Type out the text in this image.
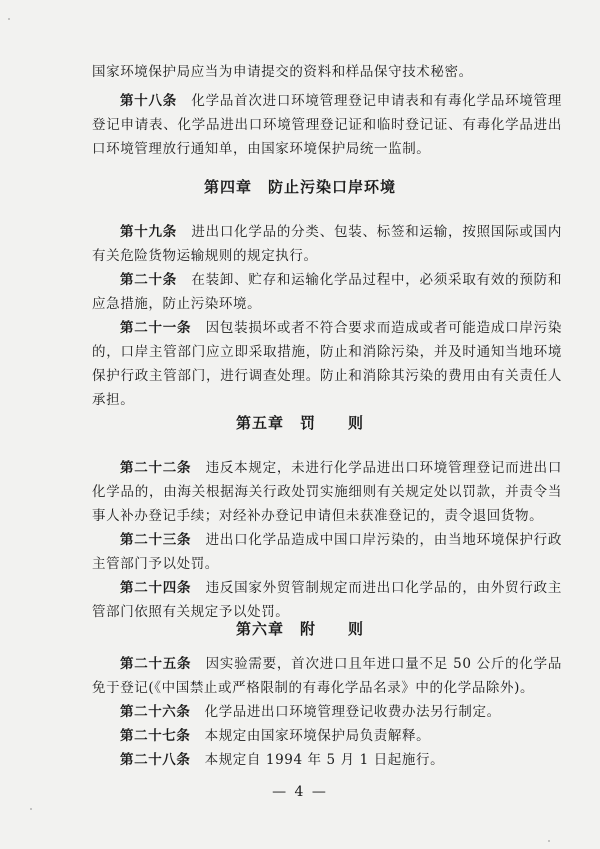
国家环境保护局应当为申请提交的资料和样品保守技术秘密。

第十八条　 化学品首次进口环境管理登记申请表和有毒化学品环境管理登记申请表、化学品进出口环境管理登记证和临时登记证、有毒化学品进出口环境管理放行通知单，由国家环境保护局统一监制。

第四章　防止污染口岸环境

第十九条　 进出口化学品的分类、包装、标签和运输，按照国际或国内有关危险货物运输规则的规定执行。

第二十条　 在装卸、贮存和运输化学品过程中，必须采取有效的预防和应急措施，防止污染环境。

第二十一条　 因包装损坏或者不符合要求而造成或者可能造成口岸污染的，口岸主管部门应立即采取措施，防止和消除污染，并及时通知当地环境保护行政主管部门，进行调查处理。防止和消除其污染的费用由有关责任人承担。

第五章　罚　　则

第二十二条　 违反本规定，未进行化学品进出口环境管理登记而进出口化学品的，由海关根据海关行政处罚实施细则有关规定处以罚款，并责令当事人补办登记手续；对经补办登记申请但未获准登记的，责令退回货物。

第二十三条　 进出口化学品造成中国口岸污染的，由当地环境保护行政主管部门予以处罚。

第二十四条　 违反国家外贸管制规定而进出口化学品的，由外贸行政主管部门依照有关规定予以处罚。

第六章　附　　则

第二十五条　 因实验需要，首次进口且年进口量不足 50 公斤的化学品免于登记(《中国禁止或严格限制的有毒化学品名录》中的化学品除外)。

第二十六条　 化学品进出口环境管理登记收费办法另行制定。

第二十七条　 本规定由国家环境保护局负责解释。

第二十八条　 本规定自 1994 年 5 月 1 日起施行。

— 4 —
